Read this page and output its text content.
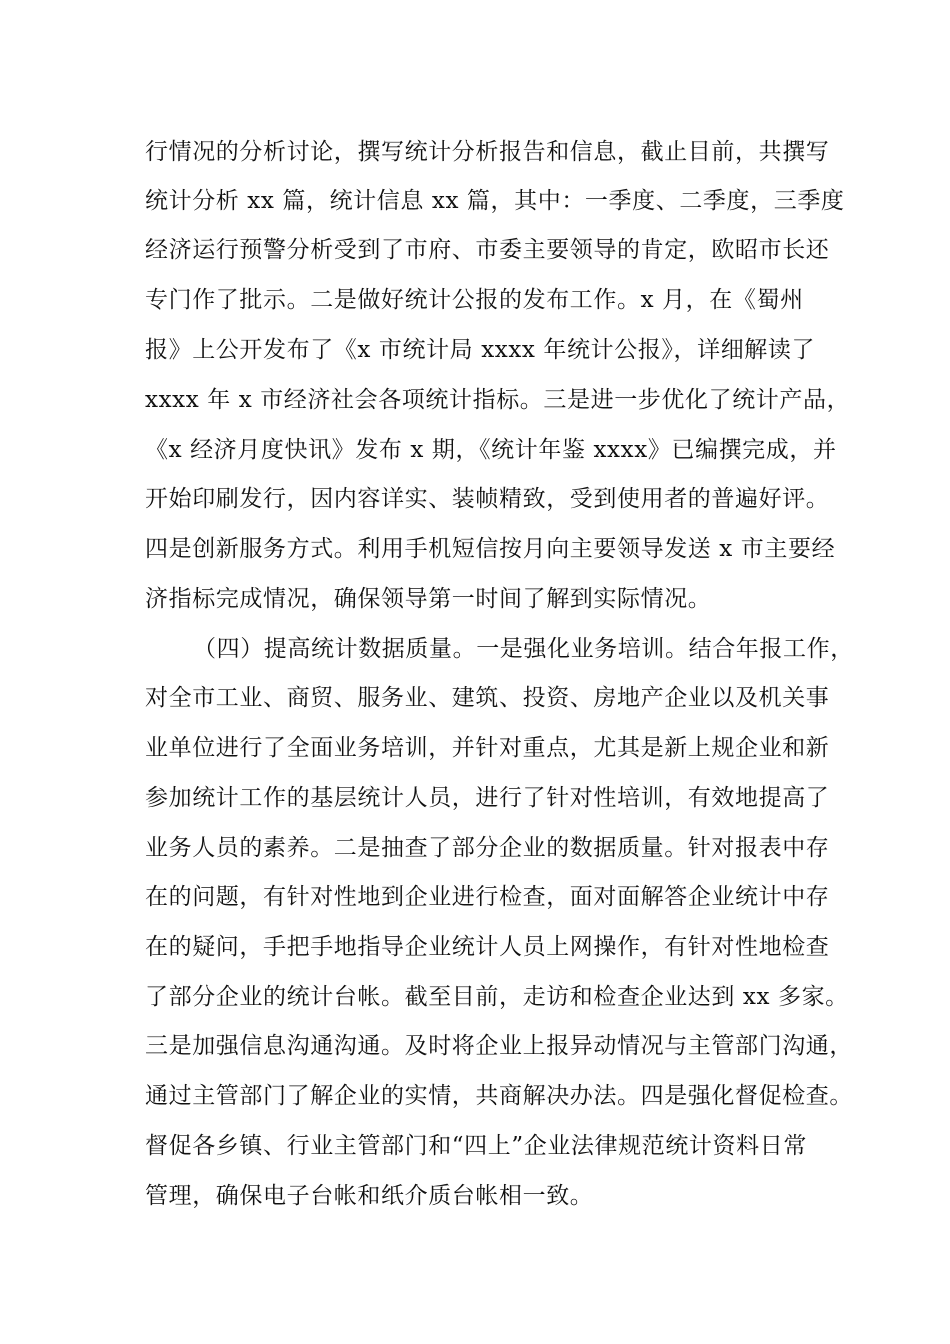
行情况的分析讨论，撰写统计分析报告和信息，截止目前，共撰写
统计分析 xx 篇，统计信息 xx 篇，其中：一季度、二季度，三季度
经济运行预警分析受到了市府、市委主要领导的肯定，欧昭市长还
专门作了批示。二是做好统计公报的发布工作。x 月，在《蜀州
报》上公开发布了《x 市统计局 xxxx 年统计公报》，详细解读了
xxxx 年 x 市经济社会各项统计指标。三是进一步优化了统计产品，
《x 经济月度快讯》发布 x 期，《统计年鉴 xxxx》已编撰完成，并
开始印刷发行，因内容详实、装帧精致，受到使用者的普遍好评。
四是创新服务方式。利用手机短信按月向主要领导发送 x 市主要经
济指标完成情况，确保领导第一时间了解到实际情况。
（四）提高统计数据质量。一是强化业务培训。结合年报工作，
对全市工业、商贸、服务业、建筑、投资、房地产企业以及机关事
业单位进行了全面业务培训，并针对重点，尤其是新上规企业和新
参加统计工作的基层统计人员，进行了针对性培训，有效地提高了
业务人员的素养。二是抽查了部分企业的数据质量。针对报表中存
在的问题，有针对性地到企业进行检查，面对面解答企业统计中存
在的疑问，手把手地指导企业统计人员上网操作，有针对性地检查
了部分企业的统计台帐。截至目前，走访和检查企业达到 xx 多家。
三是加强信息沟通沟通。及时将企业上报异动情况与主管部门沟通，
通过主管部门了解企业的实情，共商解决办法。四是强化督促检查。
督促各乡镇、行业主管部门和“四上”企业法律规范统计资料日常
管理，确保电子台帐和纸介质台帐相一致。
